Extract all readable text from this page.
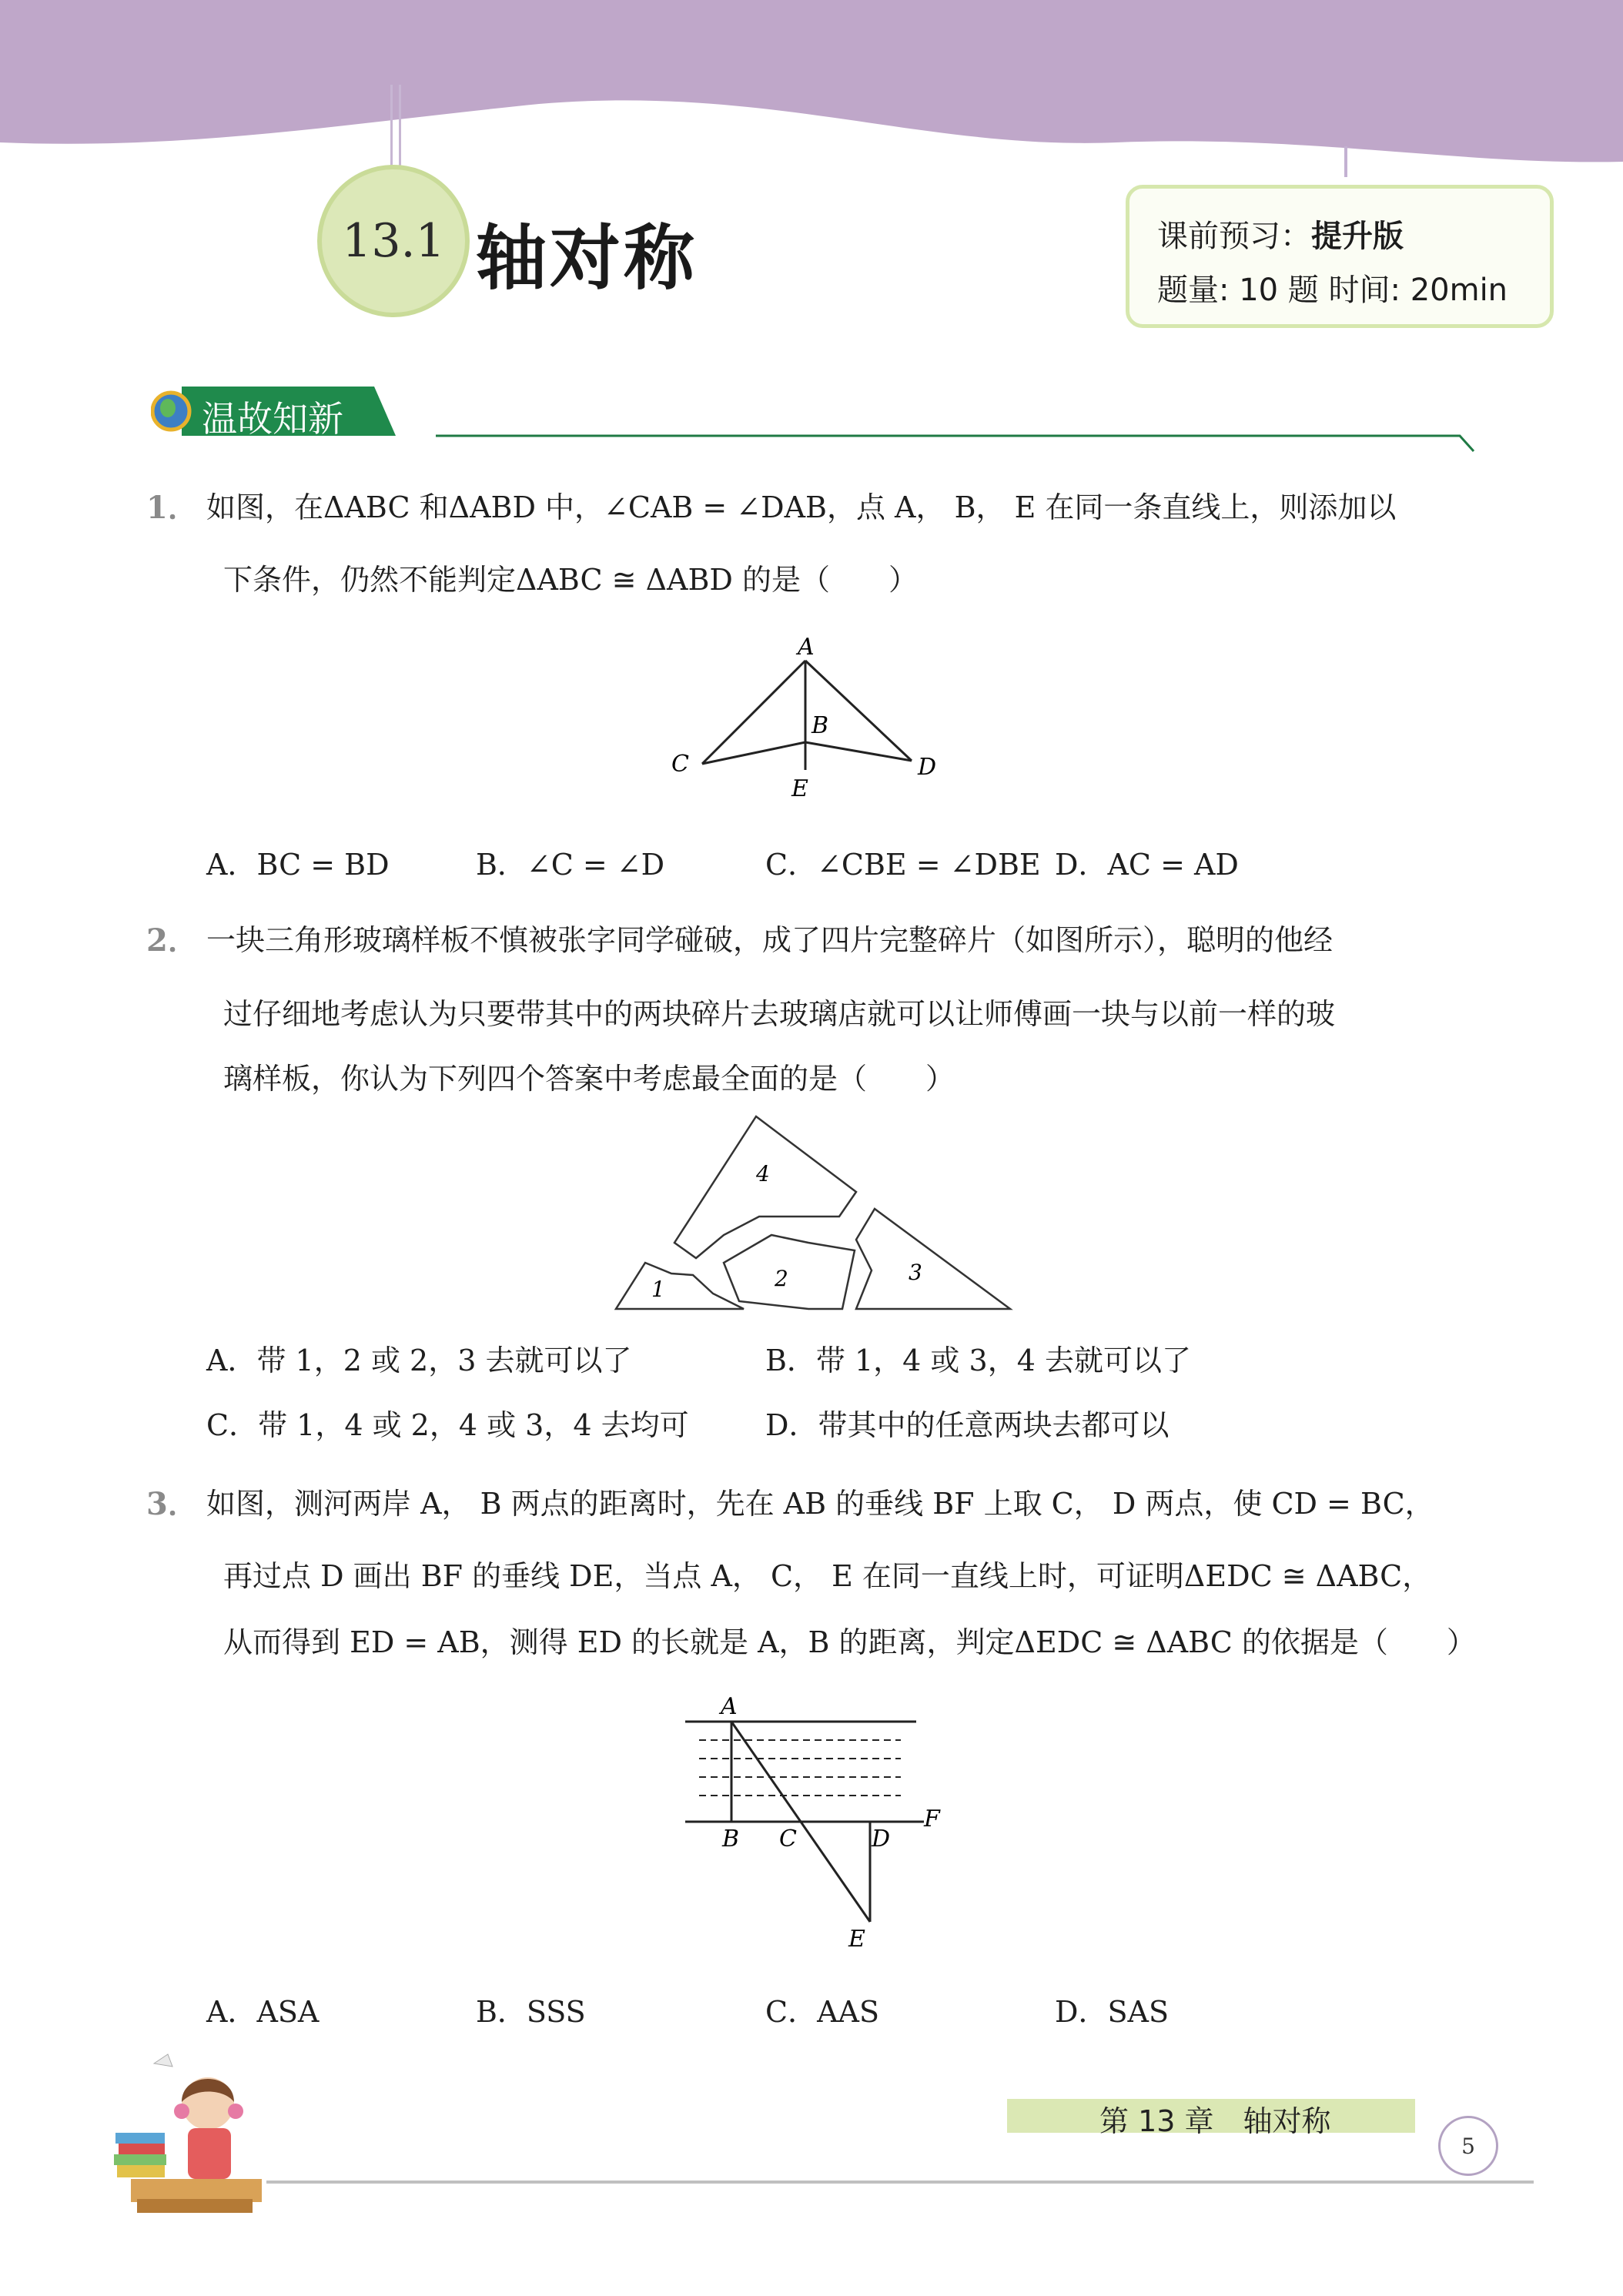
13.1 轴对称	课前预习：提升版
题量: 10 题 时间: 20min
温故知新
1． 如图，在ΔABC 和ΔABD 中，∠CAB = ∠DAB，点 A， B， E 在同一条直线上，则添加以
下条件，仍然不能判定ΔABC ≅ ΔABD 的是（　　）
A
B
C	D
E
A．BC = BD	B．∠C = ∠D	C．∠CBE = ∠DBE D．AC = AD
2． 一块三角形玻璃样板不慎被张字同学碰破，成了四片完整碎片（如图所示），聪明的他经
过仔细地考虑认为只要带其中的两块碎片去玻璃店就可以让师傅画一块与以前一样的玻
璃样板，你认为下列四个答案中考虑最全面的是（　　）
4
1	2	3
A．带 1，2 或 2，3 去就可以了	B．带 1，4 或 3，4 去就可以了
C．带 1，4 或 2，4 或 3，4 去均可	D．带其中的任意两块去都可以
3． 如图，测河两岸 A， B 两点的距离时，先在 AB 的垂线 BF 上取 C， D 两点，使 CD = BC，
再过点 D 画出 BF 的垂线 DE，当点 A， C， E 在同一直线上时，可证明ΔEDC ≅ ΔABC，
从而得到 ED = AB，测得 ED 的长就是 A，B 的距离，判定ΔEDC ≅ ΔABC 的依据是（　　）
A
B C	D
E
F
A．ASA	B．SSS	C．AAS	D．SAS
第 13 章　轴对称
5
